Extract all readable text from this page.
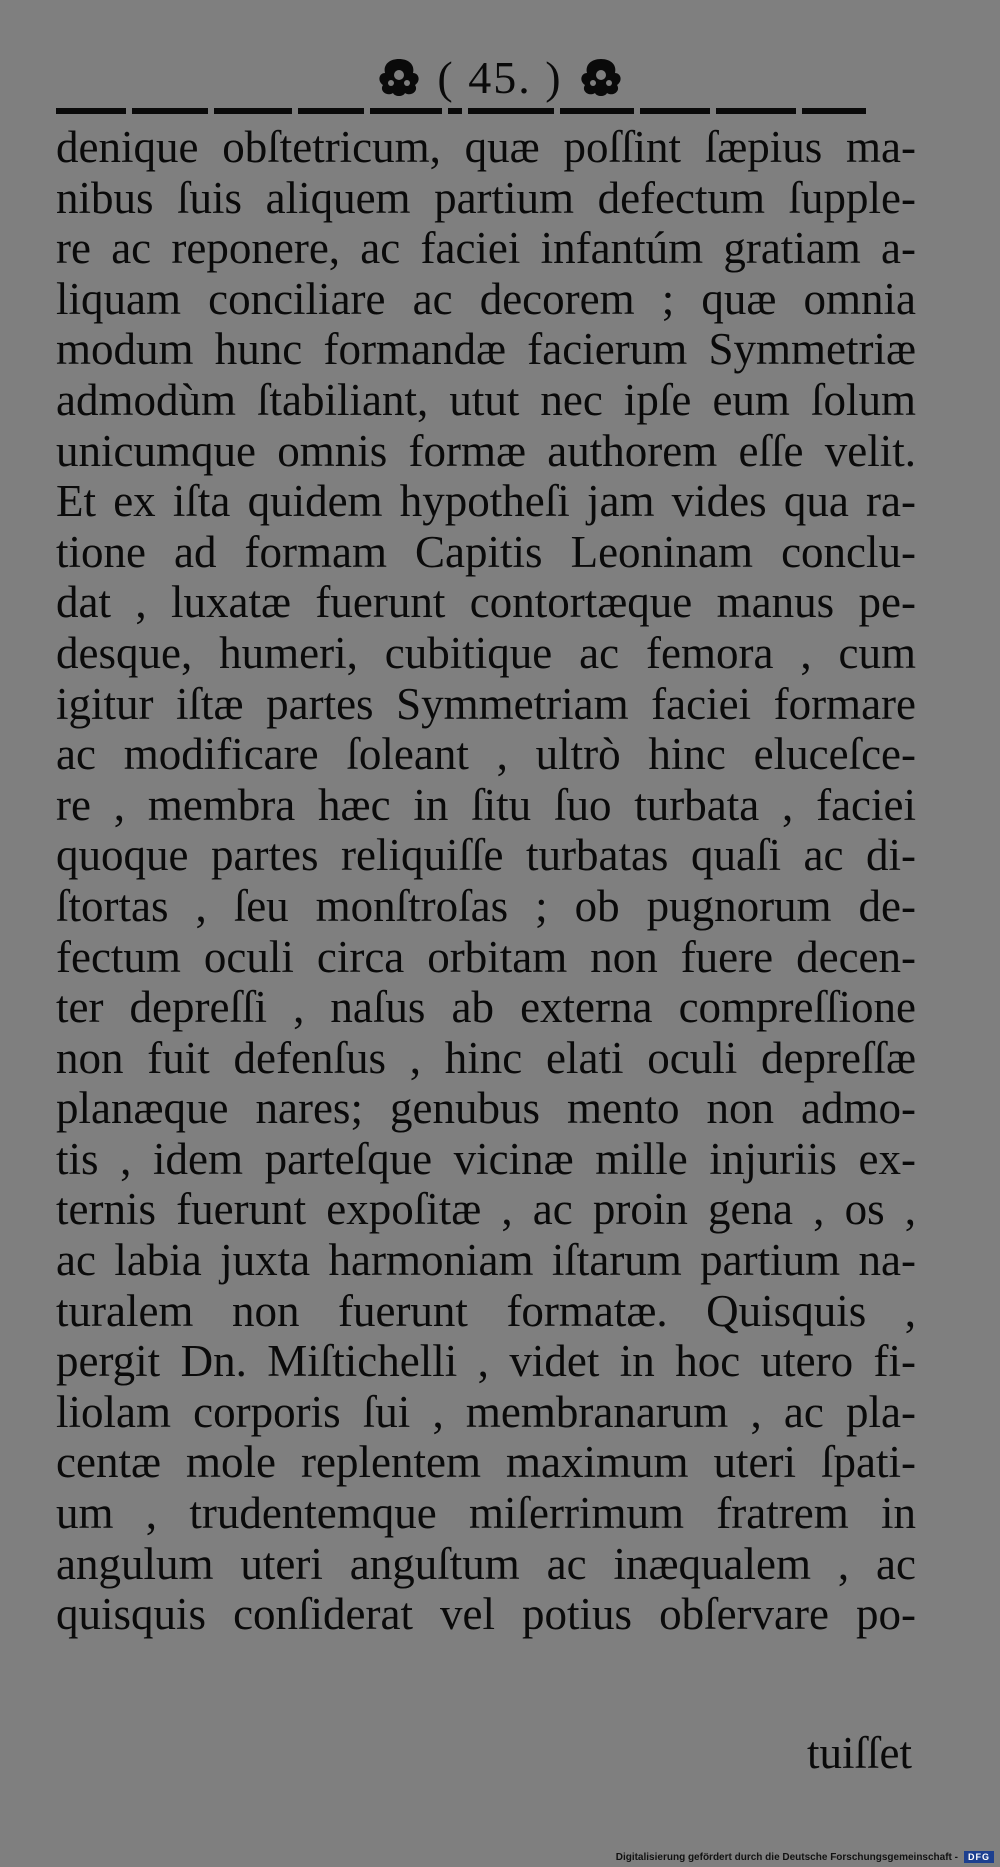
( 45. )
denique obſtetricum, quæ poſſint ſæpius ma-
nibus ſuis aliquem partium defectum ſupple-
re ac reponere, ac faciei infantúm gratiam a-
liquam conciliare ac decorem ; quæ omnia
modum hunc formandæ facierum Symmetriæ
admodùm ſtabiliant, utut nec ipſe eum ſolum
unicumque omnis formæ authorem eſſe velit.
Et ex iſta quidem hypotheſi jam vides qua ra-
tione ad formam Capitis Leoninam conclu-
dat , luxatæ fuerunt contortæque manus pe-
desque, humeri, cubitique ac femora , cum
igitur iſtæ partes Symmetriam faciei formare
ac modificare ſoleant , ultrò hinc eluceſce-
re , membra hæc in ſitu ſuo turbata , faciei
quoque partes reliquiſſe turbatas quaſi ac di-
ſtortas , ſeu monſtroſas ; ob pugnorum de-
fectum oculi circa orbitam non fuere decen-
ter depreſſi , naſus ab externa compreſſione
non fuit defenſus , hinc elati oculi depreſſæ
planæque nares; genubus mento non admo-
tis , idem parteſque vicinæ mille injuriis ex-
ternis fuerunt expoſitæ , ac proin gena , os ,
ac labia juxta harmoniam iſtarum partium na-
turalem non fuerunt formatæ. Quisquis ,
pergit Dn. Miſtichelli , videt in hoc utero fi-
liolam corporis ſui , membranarum , ac pla-
centæ mole replentem maximum uteri ſpati-
um , trudentemque miſerrimum fratrem in
angulum uteri anguſtum ac inæqualem , ac
quisquis conſiderat vel potius obſervare po-
tuiſſet
Digitalisierung gefördert durch die Deutsche Forschungsgemeinschaft -	DFG
